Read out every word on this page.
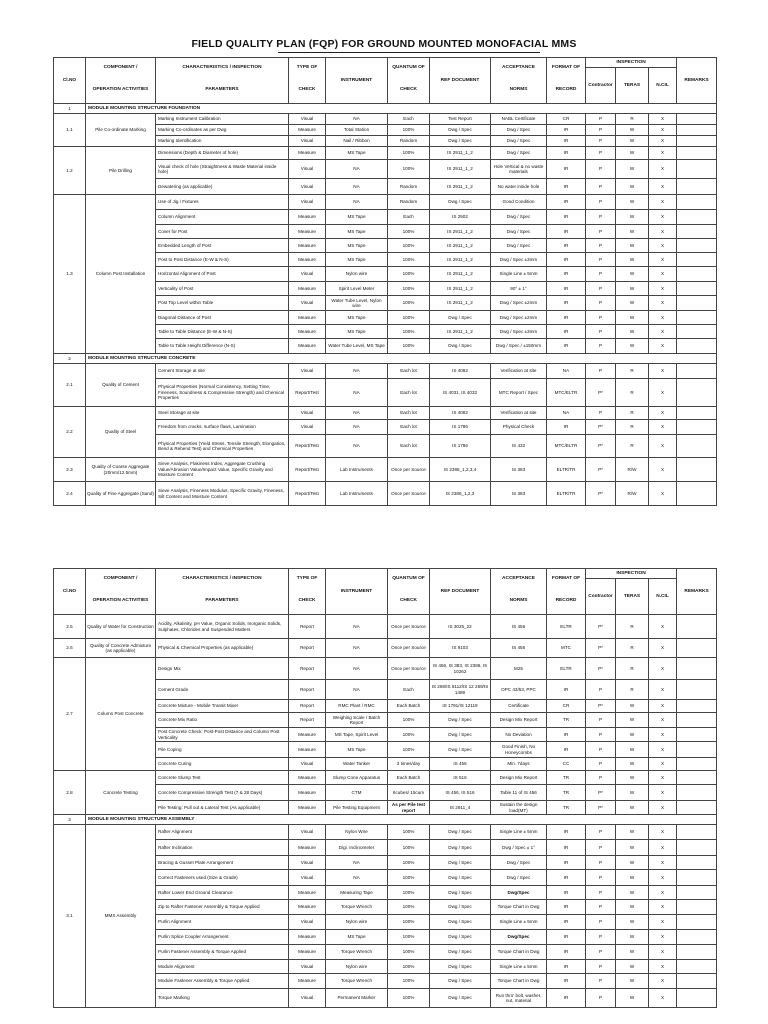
FIELD QUALITY PLAN (FQP) FOR GROUND MOUNTED MONOFACIAL MMS
Cl.NO	COMPONENT /	CHARACTERISTICS / INSPECTION	TYPE OF	INSTRUMENT	QUANTUM OF	REF DOCUMENT	ACCEPTANCE	FORMAT OF	INSPECTION			REMARKS
									Contractor	TERAS	N.CIL	
	OPERATION ACTIVITIES	PARAMETERS	CHECK		CHECK		NORMS	RECORD				
1	MODULE MOUNTING STRUCTURE FOUNDATION											
1.1	Pile Co-ordinate Marking	Marking Instrument Calibration	Visual	NA	Each	Test Report	NABL Certificate	CR	P	R	X	
		Marking Co-ordinates as per Dwg	Measure	Total Station	100%	Dwg / Spec	Dwg / Spec	IR	P	W	X	
		Marking Identification	Visual	Nail / Ribbon	Random	Dwg / Spec	Dwg / Spec	IR	P	W	X	
1.2	Pile Drilling	Dimensions (Depth & Diameter of hole)	Measure	MS Tape	100%	IS 2911_1_2	Dwg / Spec	IR	P	W	X	
		Visual check of hole (Straightness & Waste Material inside hole)	Visual	NA	100%	IS 2911_1_2	Hole Vertical & no waste materials	IR	P	W	X	
		Dewatering (as applicable)	Visual	NA	Random	IS 2911_1_2	No water inside hole	IR	P	W	X	
1.3	Column Post Installation	Use of Jig / Fixtures	Visual	NA	Random	Dwg / Spec	Good Condition	IR	P	W	X	
		Column Alignment	Measure	MS Tape	Each	IS 2502	Dwg / Spec	IR	P	W	X	
		Cover for Post	Measure	MS Tape	100%	IS 2911_1_2	Dwg / Spec	IR	P	W	X	
		Embedded Length of Post	Measure	MS Tape	100%	IS 2911_1_2	Dwg / Spec	IR	P	W	X	
		Post to Post Distance (E-W & N-S)	Measure	MS Tape	100%	IS 2911_1_2	Dwg / Spec ±3mm	IR	P	W	X	
		Horizontal Alignment of Post	Visual	Nylon wire	100%	IS 2911_1_2	Single Line ± 5mm	IR	P	W	X	
		Verticality of Post	Measure	Spirit Level Meter	100%	IS 2911_1_2	90° ± 1°	IR	P	W	X	
		Post Top Level within Table	Visual	Water Tube Level, Nylon wire	100%	IS 2911_1_2	Dwg / Spec ±2mm	IR	P	W	X	
		Diagonal Distance of Post	Measure	MS Tape	100%	Dwg / Spec	Dwg / Spec ±2mm	IR	P	W	X	
		Table to Table Distance (E-W & N-S)	Measure	MS Tape	100%	IS 2911_1_2	Dwg / Spec ±3mm	IR	P	W	X	
		Table to Table Height Difference (N-S)	Measure	Water Tube Level, MS Tape	100%	Dwg / Spec	Dwg / Spec / ±150mm	IR	P	W	X	
2	MODULE MOUNTING STRUCTURE CONCRETE											
2.1	Quality of Cement	Cement Storage at site	Visual	NA	Each lot	IS 4082	Verification at site	NA	P	R	X	
		Physical Properties (Normal Consistency, Setting Time, Fineness, Soundness & Compressive Strength) and Chemical Properties	Report/Test	NA	Each lot	IS 4031, IS 4032	MTC Report / Spec	MTC/ELTR	P*	R	X	
2.2	Quality of Steel	Steel Storage at site	Visual	NA	Each lot	IS 4082	Verification at site	NA	P	R	X	
		Freedom from cracks, surface flaws, Lamination	Visual	NA	Each lot	IS 1786	Physical Check	IR	P*	R	X	
		Physical Properties (Yield Stress, Tensile Strength, Elongation, Bend & Rebend Test) and Chemical Properties	Report/Test	NA	Each lot	IS 1786	IS 432	MTC/ELTR	P*	R	X	
2.3	Quality of Coarse Aggregate (20mm/12.5mm)	Sieve Analysis, Flakiness Index, Aggregate Crushing Value/Abrasion Value/Impact Value, Specific Gravity and Moisture Content	Report/Test	Lab Instruments	Once per Source	IS 2386_1,2,3,4	IS 383	ELTR/TR	P*	R/W	X	
2.4	Quality of Fine Aggregate (Sand)	Sieve Analysis, Fineness Modulus, Specific Gravity, Fineness, Silt Content and Moisture Content	Report/Test	Lab Instruments	Once per Source	IS 2386_1,2,3	IS 383	ELTR/TR	P*	R/W	X	
Cl.NO	COMPONENT /	CHARACTERISTICS / INSPECTION	TYPE OF	INSTRUMENT	QUANTUM OF	REF DOCUMENT	ACCEPTANCE	FORMAT OF	INSPECTION			REMARKS
									Contractor	TERAS	N.CIL	
	OPERATION ACTIVITIES	PARAMETERS	CHECK		CHECK		NORMS	RECORD				
2.5	Quality of Water for Construction	Acidity, Alkalinity, pH Value, Organic Solids, Inorganic Solids, Sulphates, Chlorides and Suspended Matters	Report	NA	Once per Source	IS 3025_22	IS 456	ELTR	P*	R	X	
2.6	Quality of Concrete Admixture (as applicable)	Physical & Chemical Properties (as applicable)	Report	NA	Once per Source	IS 9103	IS 456	MTC	P*	R	X	
2.7	Column Post Concrete	Design Mix	Report	NA	Once per Source	IS 456, IS 383, IS 2386, IS 10262	M25	ELTR	P*	R	X	
		Cement Grade	Report	NA	Each	IS 269/IS 8112/IS 12 269/IS 1489	OPC 43/53, PPC	IR	P	R	X	
		Concrete Mixture - Mobile Transit Mixer	Report	RMC Plant / RMC	Each Batch	IS 1791/IS 12119	Certificate	CR	P*	W	X	
		Concrete Mix Ratio	Report	Weighing Scale / Batch Report	100%	Dwg / Spec	Design Mix Report	TR	P	W	X	
		Post Concrete Check: Post-Post Distance and Column Post Verticality	Measure	MS Tape, Spirit Level	100%	Dwg / Spec	No Deviation	IR	P	W	X	
		Pile Coping	Measure	MS Tape	100%	Dwg / Spec	Good Finish, No Honeycombs	IR	P	W	X	
		Concrete Curing	Visual	Water Tanker	3 times/day	IS 456	Min. 7days	CC	P	W	X	
2.8	Concrete Testing	Concrete Slump Test	Measure	Slump Cone Apparatus	Each Batch	IS 516	Design Mix Report	TR	P	W	X	
		Concrete Compressive Strength Test (7 & 28 Days)	Measure	CTM	6cubes/ 15cum	IS 456, IS 516	Table 11 of IS 456	TR	P*	W	X	
		Pile Testing: Pull out & Lateral Test (As applicable)	Measure	Pile Testing Equipment	As per Pile test report	IS 2911_4	Sustain the design load(MT)	TR	P*	W	X	
3	MODULE MOUNTING STRUCTURE ASSEMBLY											
3.1	MMS Assembly	Rafter Alignment	Visual	Nylon Wire	100%	Dwg / Spec	Single Line ± 5mm	IR	P	W	X	
		Rafter Inclination	Measure	Digi. Inclinometer	100%	Dwg / Spec	Dwg / Spec ± 1°	IR	P	W	X	
		Bracing & Gusset Plate Arrangement	Visual	NA	100%	Dwg / Spec	Dwg / Spec	IR	P	W	X	
		Correct Fasteners used (Size & Grade)	Visual	NA	100%	Dwg / Spec	Dwg / Spec	IR	P	W	X	
		Rafter Lower End Ground Clearance	Measure	Measuring Tape	100%	Dwg / Spec	Dwg/Spec	IR	P	W	X	
		Zip to Rafter Fastener Assembly & Torque Applied	Measure	Torque Wrench	100%	Dwg / Spec	Torque Chart in Dwg	IR	P	W	X	
		Purlin Alignment	Visual	Nylon wire	100%	Dwg / Spec	Single Line ± 5mm	IR	P	W	X	
		Purlin Splice Coupler Arrangement	Measure	MS Tape	100%	Dwg / Spec	Dwg/Spec	IR	P	W	X	
		Purlin Fastener Assembly & Torque Applied	Measure	Torque Wrench	100%	Dwg / Spec	Torque Chart in Dwg	IR	P	W	X	
		Module Alignment	Visual	Nylon wire	100%	Dwg / Spec	Single Line ± 5mm	IR	P	W	X	
		Module Fastener Assembly & Torque Applied	Measure	Torque Wrench	100%	Dwg / Spec	Torque Chart in Dwg	IR	P	W	X	
		Torque Marking	Visual	Permanent Marker	100%	Dwg / Spec	Run thro' bolt, washer, nut, material	IR	P	W	X	
